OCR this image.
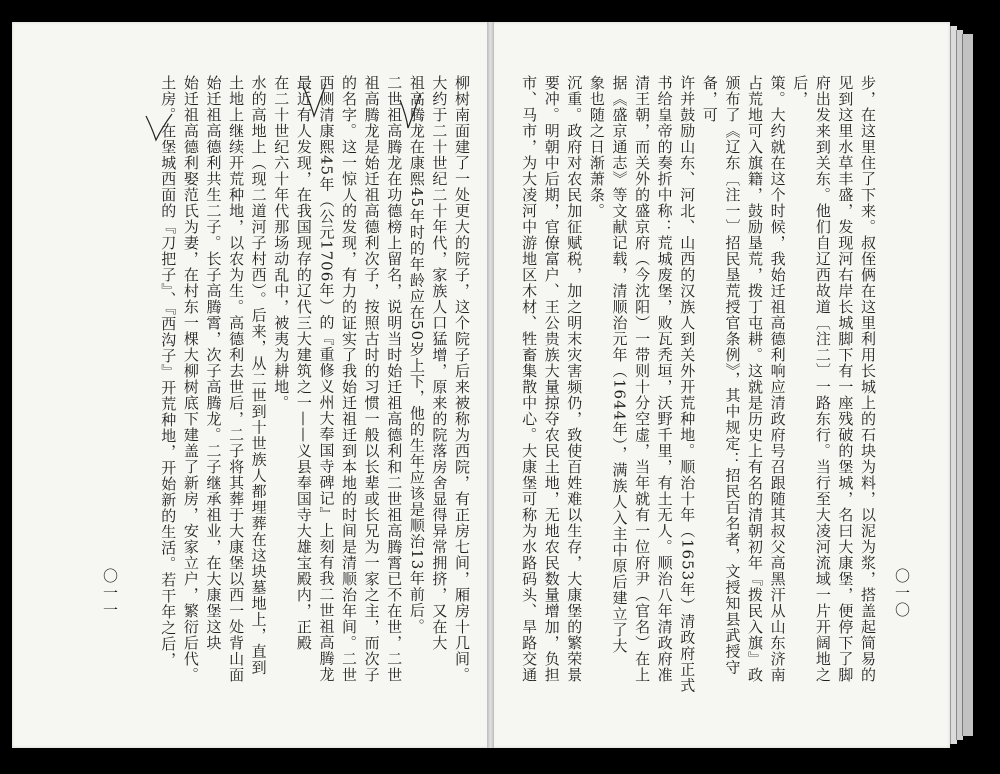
柳树南面建了一处更大的院子，这个院子后来被称为西院，有正房七间，厢房十几间。
大约于二十世纪二十年代，家族人口猛增，原来的院落房舍显得异常拥挤，又在大
祖高腾龙在康熙45年时的年龄应在50岁上下，他的生年应该是顺治13年前后。
二世祖高腾龙在功德榜上留名，说明当时始迁祖高德利和二世祖高腾霄已不在世，二世
祖高腾龙是始迁祖高德利次子，按照古时的习惯一般以长辈或长兄为一家之主，而次子
的名字。这一惊人的发现，有力的证实了我始迁祖迁到本地的时间是清顺治年间。二世
西侧清康熙45年（公元1706年）的『重修义州大奉国寺碑记』上刻有我二世祖高腾龙
最近有人发现，在我国现存的辽代三大建筑之一——义县奉国寺大雄宝殿内，正殿
在二十世纪六十年代那场动乱中，被夷为耕地。
水的高地上（现二道河子村西）。后来，从二世到十世族人都埋葬在这块墓地上，直到
土地上继续开荒种地，以农为生。高德利去世后，二子将其葬于大康堡以西一处背山面
始迁祖高德利共生二子。长子高腾霄，次子高腾龙。二子继承祖业，在大康堡这块
始迁祖高德利娶范氏为妻，在村东一棵大柳树底下建盖了新房，安家立户，繁衍后代。
土房。在堡城西面的『刀把子』、『西沟子』开荒种地，开始新的生活。若干年之后，
〇一一	步，在这里住了下来。叔侄俩在这里利用长城上的石块为料，以泥为浆，搭盖起简易的
见到这里水草丰盛，发现河右岸长城脚下有一座残破的堡城，名曰大康堡，便停下了脚
府出发来到关东。他们自辽西故道〔注二〕一路东行。当行至大凌河流域一片开阔地之后，
策。大约就在这个时候，我始迁祖高德利响应清政府号召跟随其叔父高黑汗从山东济南
占荒地可入旗籍，鼓励垦荒，拨丁屯耕。这就是历史上有名的清朝初年『拨民入旗』政
颁布了《辽东〔注一〕招民垦荒授官条例》，其中规定：招民百名者，文授知县武授守备，可
许并鼓励山东、河北、山西的汉族人到关外开荒种地。顺治十年（1653年）清政府正式
书给皇帝的奏折中称：荒城废堡，败瓦秃垣，沃野千里，有土无人。顺治八年清政府准
清王朝，而关外的盛京府（今沈阳）一带则十分空虚，当年就有一位府尹（官名）在上
据《盛京通志》等文献记载，清顺治元年（1644年），满族人入主中原后建立了大
象也随之日渐萧条。
沉重。政府对农民加征赋税，加之明末灾害频仍，致使百姓难以生存，大康堡的繁荣景
要冲。明朝中后期，官僚富户、王公贵族大量掠夺农民土地，无地农民数量增加，负担
市、马市，为大凌河中游地区木材、牲畜集散中心。大康堡可称为水路码头、旱路交通	〇一〇
